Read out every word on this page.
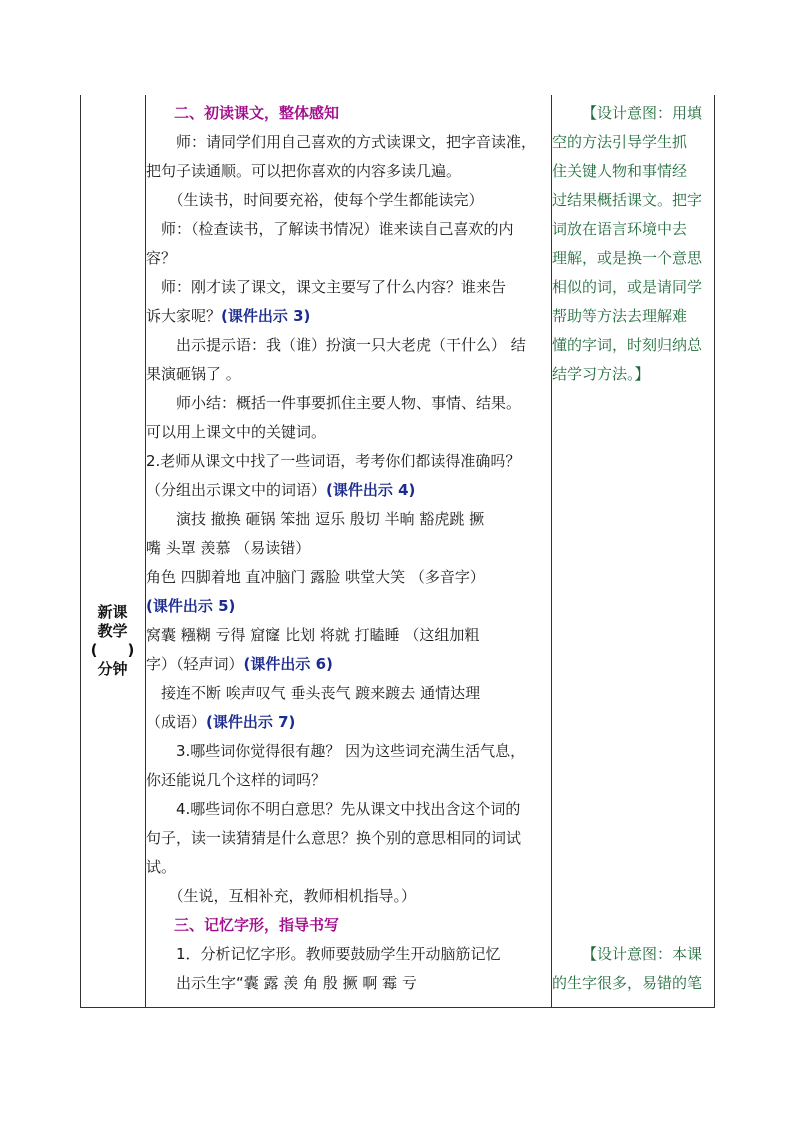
新课
教学
(　　)
分钟
二、初读课文，整体感知
　　师：请同学们用自己喜欢的方式读课文，把字音读准，
把句子读通顺。可以把你喜欢的内容多读几遍。
　　（生读书，时间要充裕，使每个学生都能读完）
　师：（检查读书，了解读书情况）谁来读自己喜欢的内
容？
　师：刚才读了课文，课文主要写了什么内容？谁来告
诉大家呢？(课件出示 3)
　　出示提示语：我（谁）扮演一只大老虎（干什么） 结
果演砸锅了 。
　　师小结：概括一件事要抓住主要人物、事情、结果。
可以用上课文中的关键词。
2.老师从课文中找了一些词语，考考你们都读得准确吗？
（分组出示课文中的词语）(课件出示 4)
　　演技 撤换 砸锅 笨拙 逗乐 殷切 半晌 豁虎跳 撅
嘴 头罩 羡慕 （易读错）
角色 四脚着地 直冲脑门 露脸 哄堂大笑 （多音字）
(课件出示 5)
窝囊 糨糊 亏得 窟窿 比划 将就 打瞌睡 （这组加粗
字）（轻声词）(课件出示 6)
　接连不断 唉声叹气 垂头丧气 踱来踱去 通情达理
（成语）(课件出示 7)
　　3.哪些词你觉得很有趣？ 因为这些词充满生活气息，
你还能说几个这样的词吗？
　　4.哪些词你不明白意思？先从课文中找出含这个词的
句子，读一读猜猜是什么意思？换个别的意思相同的词试
试。
　　（生说，互相补充，教师相机指导。）
三、记忆字形，指导书写
　　1．分析记忆字形。教师要鼓励学生开动脑筋记忆
　　出示生字“囊 露 羡 角 殷 撅 啊 霉 亏
【设计意图：用填
空的方法引导学生抓
住关键人物和事情经
过结果概括课文。把字
词放在语言环境中去
理解，或是换一个意思
相似的词，或是请同学
帮助等方法去理解难
懂的字词，时刻归纳总
结学习方法。】
【设计意图：本课
的生字很多，易错的笔
